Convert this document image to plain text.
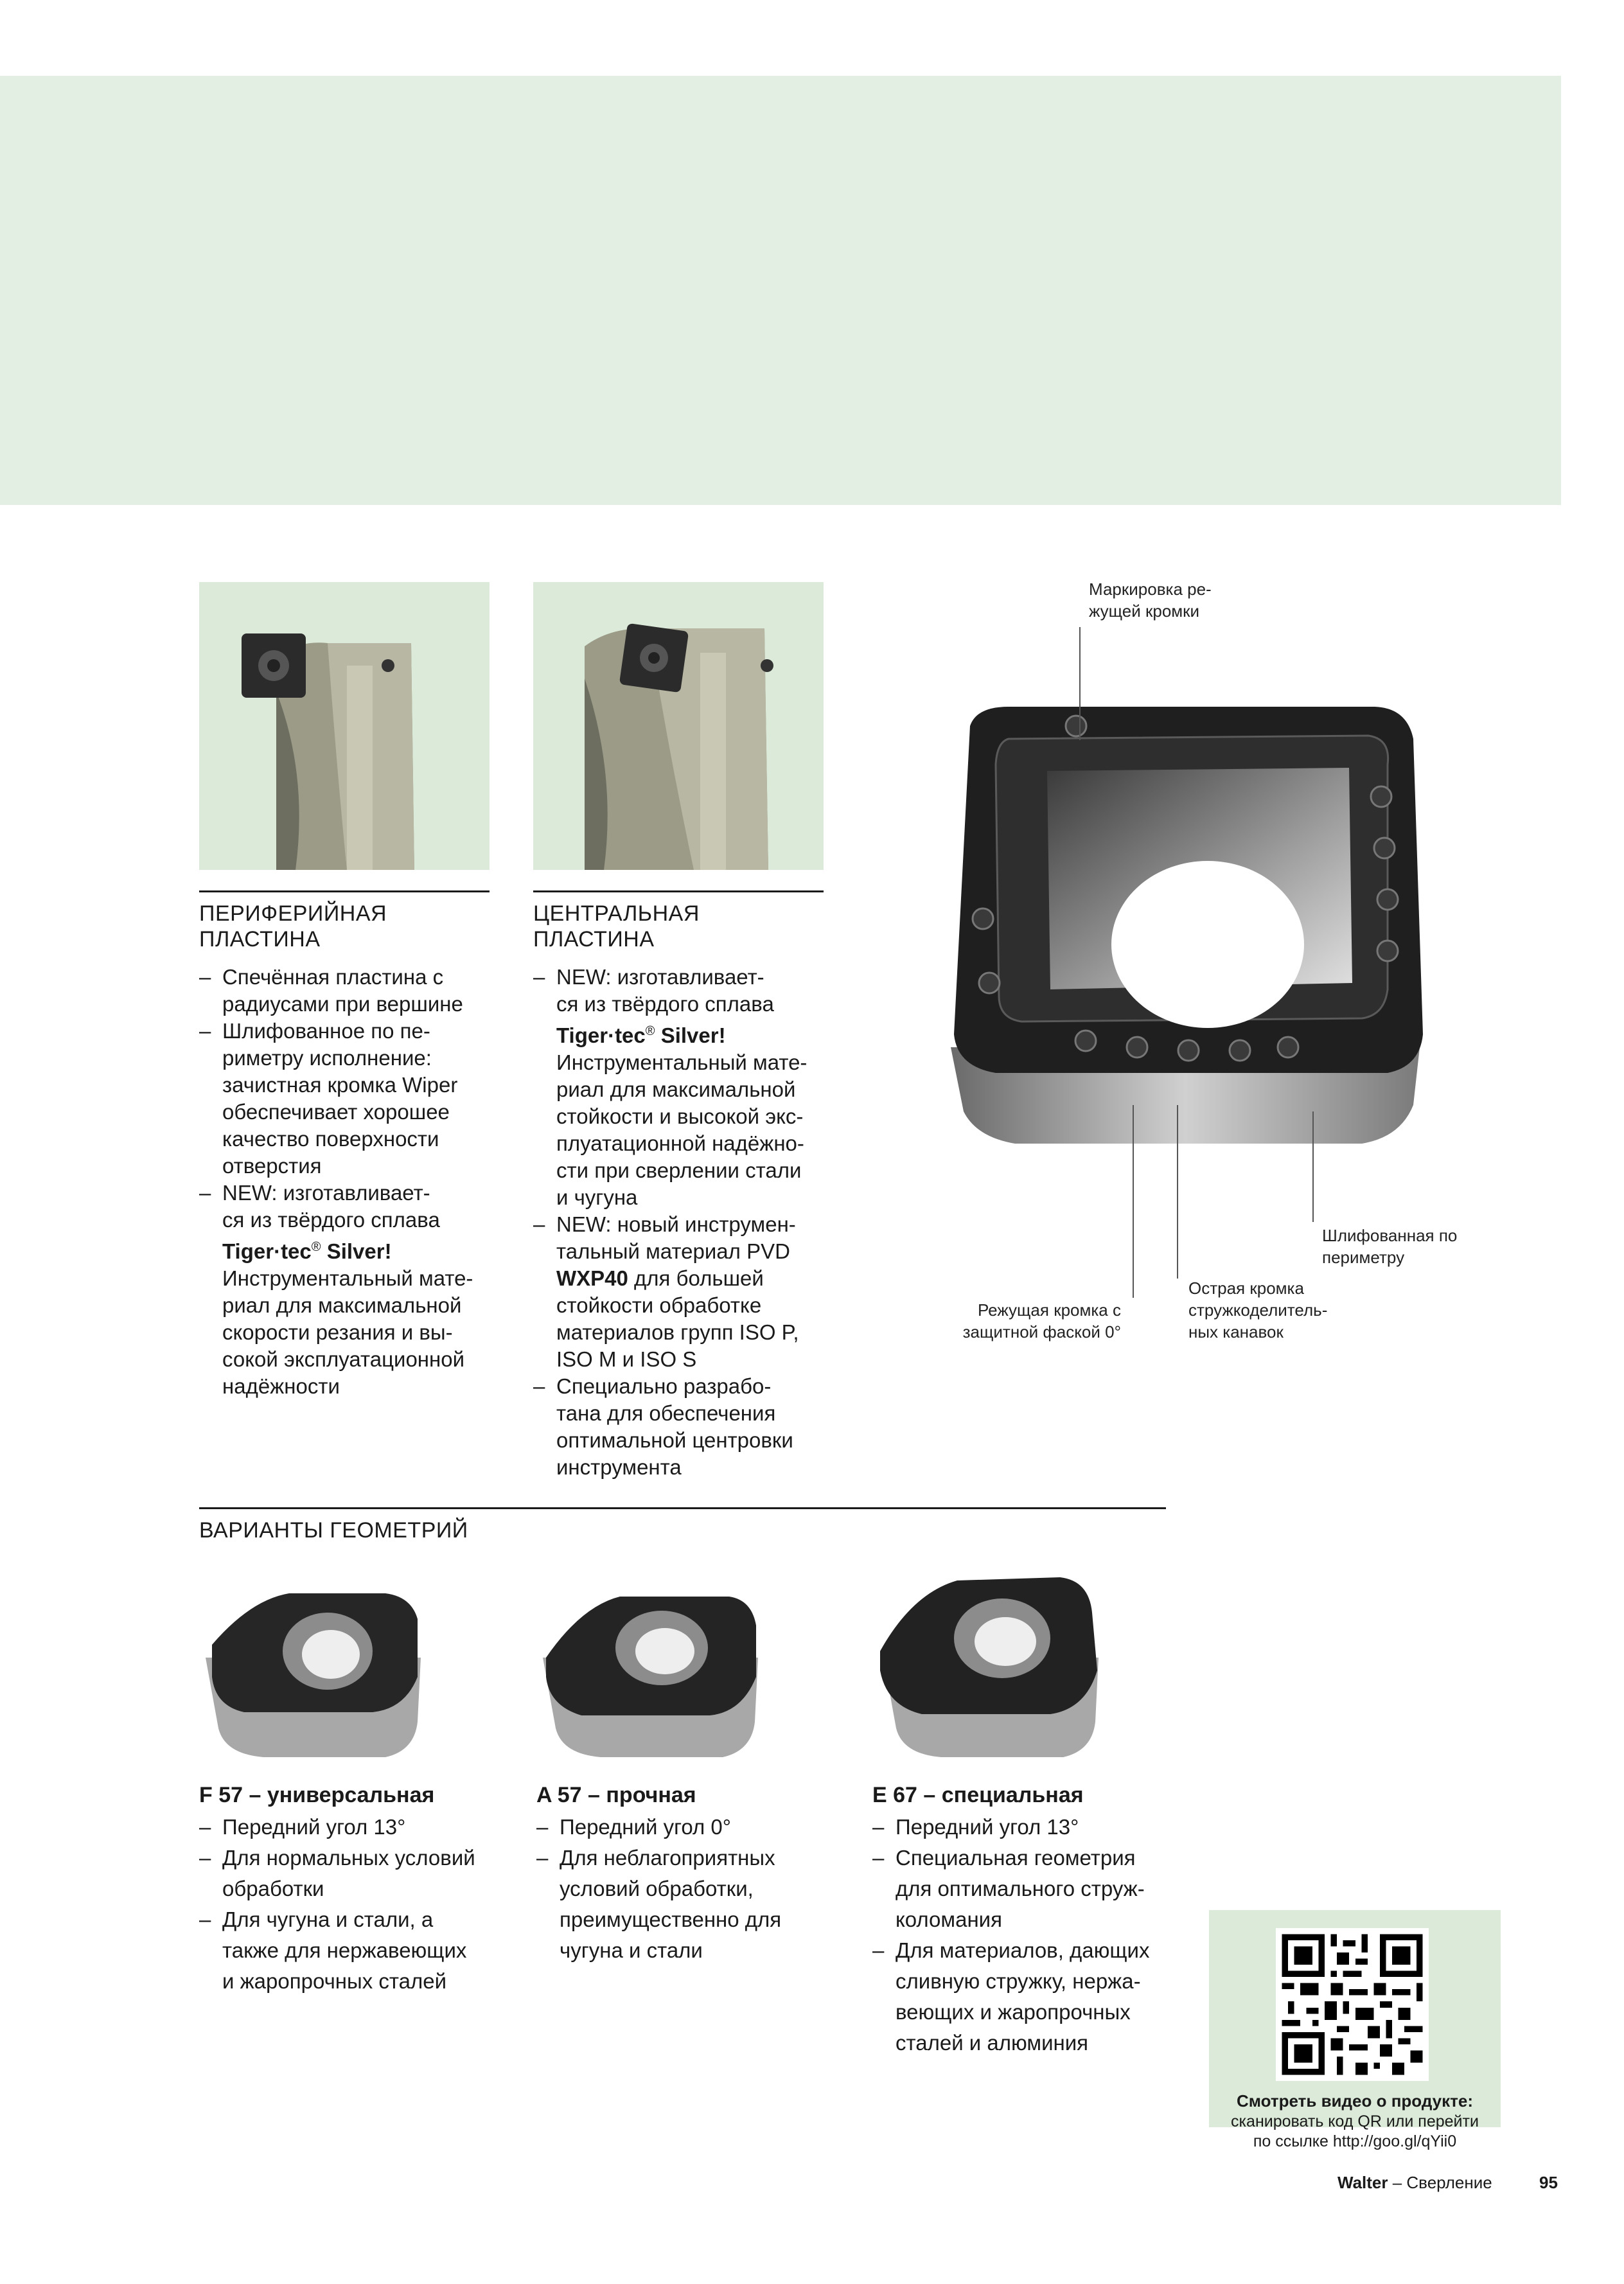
ПЕРИФЕРИЙНАЯ
ПЛАСТИНА
– Спечённая пластина с
радиусами при вершине
– Шлифованное по пе-
риметру исполнение:
зачистная кромка Wiper
обеспечивает хорошее
качество поверхности
отверстия
– NEW: изготавливает-
ся из твёрдого сплава
Tiger·tec® Silver!
Инструментальный мате-
риал для максимальной
скорости резания и вы-
сокой эксплуатационной
надёжности
ЦЕНТРАЛЬНАЯ
ПЛАСТИНА
– NEW: изготавливает-
ся из твёрдого сплава
Tiger·tec® Silver!
Инструментальный мате-
риал для максимальной
стойкости и высокой экс-
плуатационной надёжно-
сти при сверлении стали
и чугуна
– NEW: новый инструмен-
тальный материал PVD
WXP40 для большей
стойкости обработке
материалов групп ISO P,
ISO M и ISO S
– Специально разрабо-
тана для обеспечения
оптимальной центровки
инструмента
Маркировка ре-
жущей кромки
Режущая кромка с
защитной фаской 0°
Острая кромка
стружкоделитель-
ных канавок
Шлифованная по
периметру
ВАРИАНТЫ ГЕОМЕТРИЙ
F 57 – универсальная
– Передний угол 13°
– Для нормальных условий
обработки
– Для чугуна и стали, а
также для нержавеющих
и жаропрочных сталей
A 57 – прочная
– Передний угол 0°
– Для неблагоприятных
условий обработки,
преимущественно для
чугуна и стали
E 67 – специальная
– Передний угол 13°
– Специальная геометрия
для оптимального струж-
коломания
– Для материалов, дающих
сливную стружку, нержа-
веющих и жаропрочных
сталей и алюминия
Смотреть видео о продукте:
сканировать код QR или перейти
по ссылке http://goo.gl/qYii0
Walter – Сверление	95
